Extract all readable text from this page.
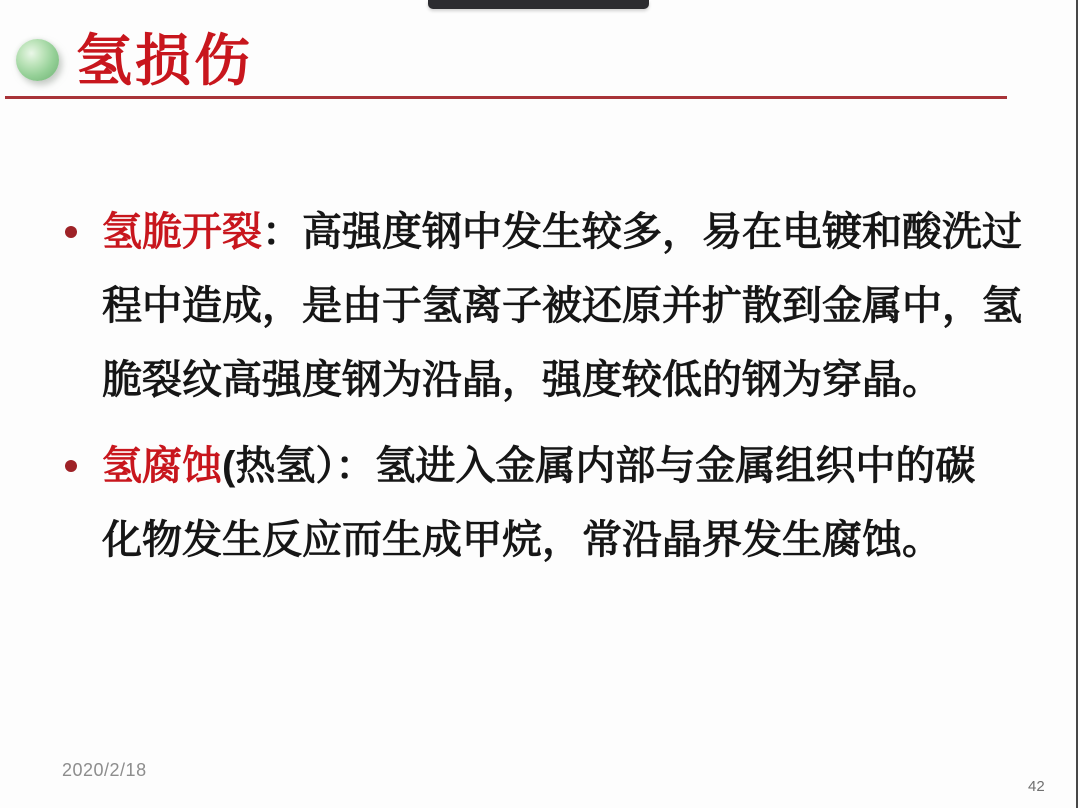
氢损伤
氢脆开裂：高强度钢中发生较多，易在电镀和酸洗过
程中造成，是由于氢离子被还原并扩散到金属中，氢
脆裂纹高强度钢为沿晶，强度较低的钢为穿晶。
氢腐蚀(热氢）：氢进入金属内部与金属组织中的碳
化物发生反应而生成甲烷，常沿晶界发生腐蚀。
2020/2/18
42
